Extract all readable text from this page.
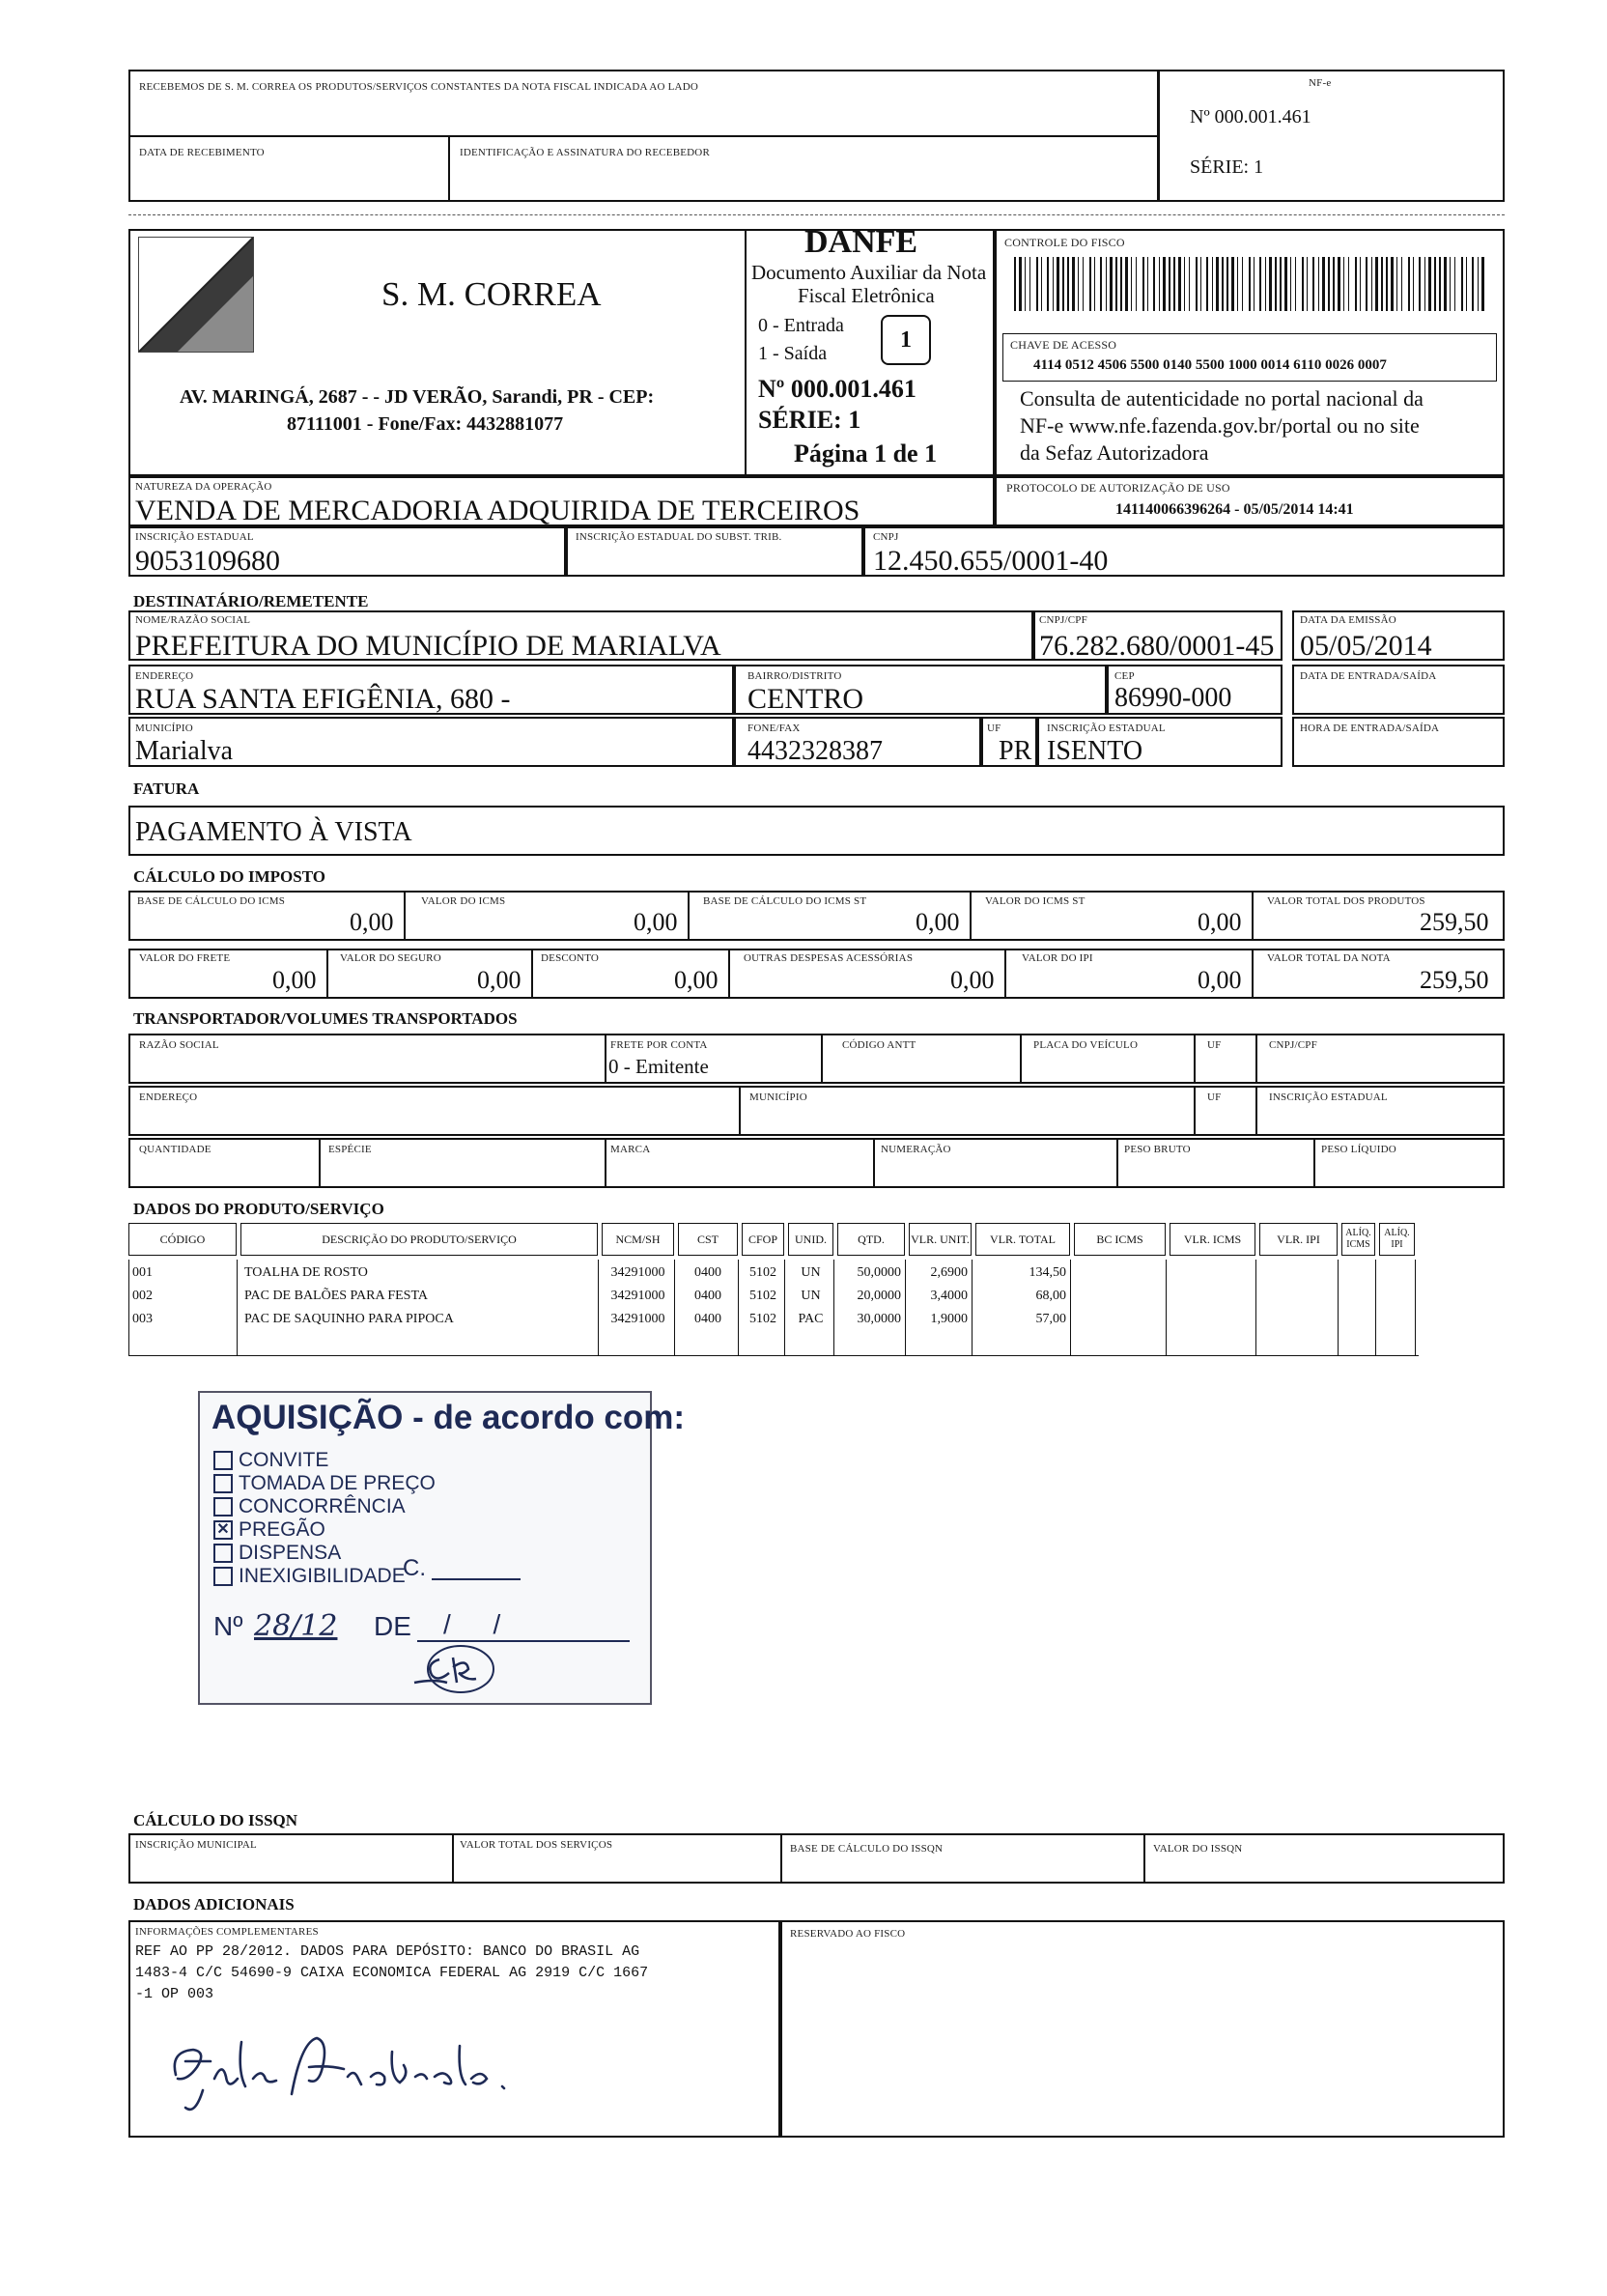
RECEBEMOS DE S. M. CORREA OS PRODUTOS/SERVIÇOS CONSTANTES DA NOTA FISCAL INDICADA AO LADO
DATA DE RECEBIMENTO	IDENTIFICAÇÃO E ASSINATURA DO RECEBEDOR
NF-e
Nº 000.001.461
SÉRIE: 1
S. M. CORREA
AV. MARINGÁ, 2687 - - JD VERÃO, Sarandi, PR - CEP:
87111001 - Fone/Fax: 4432881077
DANFE
Documento Auxiliar da Nota
Fiscal Eletrônica
0 - Entrada
1 - Saída
1
Nº 000.001.461
SÉRIE: 1
Página 1 de 1
CONTROLE DO FISCO
CHAVE DE ACESSO
4114 0512 4506 5500 0140 5500 1000 0014 6110 0026 0007
Consulta de autenticidade no portal nacional da
NF-e www.nfe.fazenda.gov.br/portal ou no site
da Sefaz Autorizadora
NATUREZA DA OPERAÇÃO
VENDA DE MERCADORIA ADQUIRIDA DE TERCEIROS
PROTOCOLO DE AUTORIZAÇÃO DE USO
141140066396264 - 05/05/2014 14:41
INSCRIÇÃO ESTADUAL
9053109680
INSCRIÇÃO ESTADUAL DO SUBST. TRIB.	CNPJ
12.450.655/0001-40
DESTINATÁRIO/REMETENTE
NOME/RAZÃO SOCIAL
PREFEITURA DO MUNICÍPIO DE MARIALVA
CNPJ/CPF
76.282.680/0001-45
DATA DA EMISSÃO
05/05/2014
ENDEREÇO
RUA SANTA EFIGÊNIA, 680 -
BAIRRO/DISTRITO
CENTRO
CEP
86990-000
DATA DE ENTRADA/SAÍDA
MUNICÍPIO
Marialva
FONE/FAX
4432328387
UF
PR
INSCRIÇÃO ESTADUAL
ISENTO
HORA DE ENTRADA/SAÍDA
FATURA
PAGAMENTO À VISTA
CÁLCULO DO IMPOSTO
BASE DE CÁLCULO DO ICMS
0,00
VALOR DO ICMS
0,00
BASE DE CÁLCULO DO ICMS ST
0,00
VALOR DO ICMS ST
0,00
VALOR TOTAL DOS PRODUTOS
259,50
VALOR DO FRETE
0,00
VALOR DO SEGURO
0,00
DESCONTO
0,00
OUTRAS DESPESAS ACESSÓRIAS
0,00
VALOR DO IPI
0,00
VALOR TOTAL DA NOTA
259,50
TRANSPORTADOR/VOLUMES TRANSPORTADOS
RAZÃO SOCIAL	FRETE POR CONTA
0 - Emitente
CÓDIGO ANTT	PLACA DO VEÍCULO	UF	CNPJ/CPF
ENDEREÇO	MUNICÍPIO	UF	INSCRIÇÃO ESTADUAL
QUANTIDADE	ESPÉCIE	MARCA	NUMERAÇÃO	PESO BRUTO	PESO LÍQUIDO
DADOS DO PRODUTO/SERVIÇO
CÓDIGO	DESCRIÇÃO DO PRODUTO/SERVIÇO	NCM/SH	CST	CFOP	UNID.	QTD.	VLR. UNIT.	VLR. TOTAL	BC ICMS	VLR. ICMS	VLR. IPI	ALÍQ. ICMS
ALÍQ. IPI
001	TOALHA DE ROSTO	34291000	0400	5102	UN	50,0000	2,6900	134,50
002	PAC DE BALÕES PARA FESTA	34291000	0400	5102	UN	20,0000	3,4000	68,00
003	PAC DE SAQUINHO PARA PIPOCA	34291000	0400	5102	PAC	30,0000	1,9000	57,00
AQUISIÇÃO - de acordo com:
CONVITE
TOMADA DE PREÇO
CONCORRÊNCIA
✕ PREGÃO
DISPENSA
INEXIGIBILIDADE
C.
Nº 28/12 DE / /
CÁLCULO DO ISSQN
INSCRIÇÃO MUNICIPAL	VALOR TOTAL DOS SERVIÇOS	BASE DE CÁLCULO DO ISSQN	VALOR DO ISSQN
DADOS ADICIONAIS
INFORMAÇÕES COMPLEMENTARES
REF AO PP 28/2012. DADOS PARA DEPÓSITO: BANCO DO BRASIL AG
1483-4 C/C 54690-9 CAIXA ECONOMICA FEDERAL AG 2919 C/C 1667
-1 OP 003
RESERVADO AO FISCO
